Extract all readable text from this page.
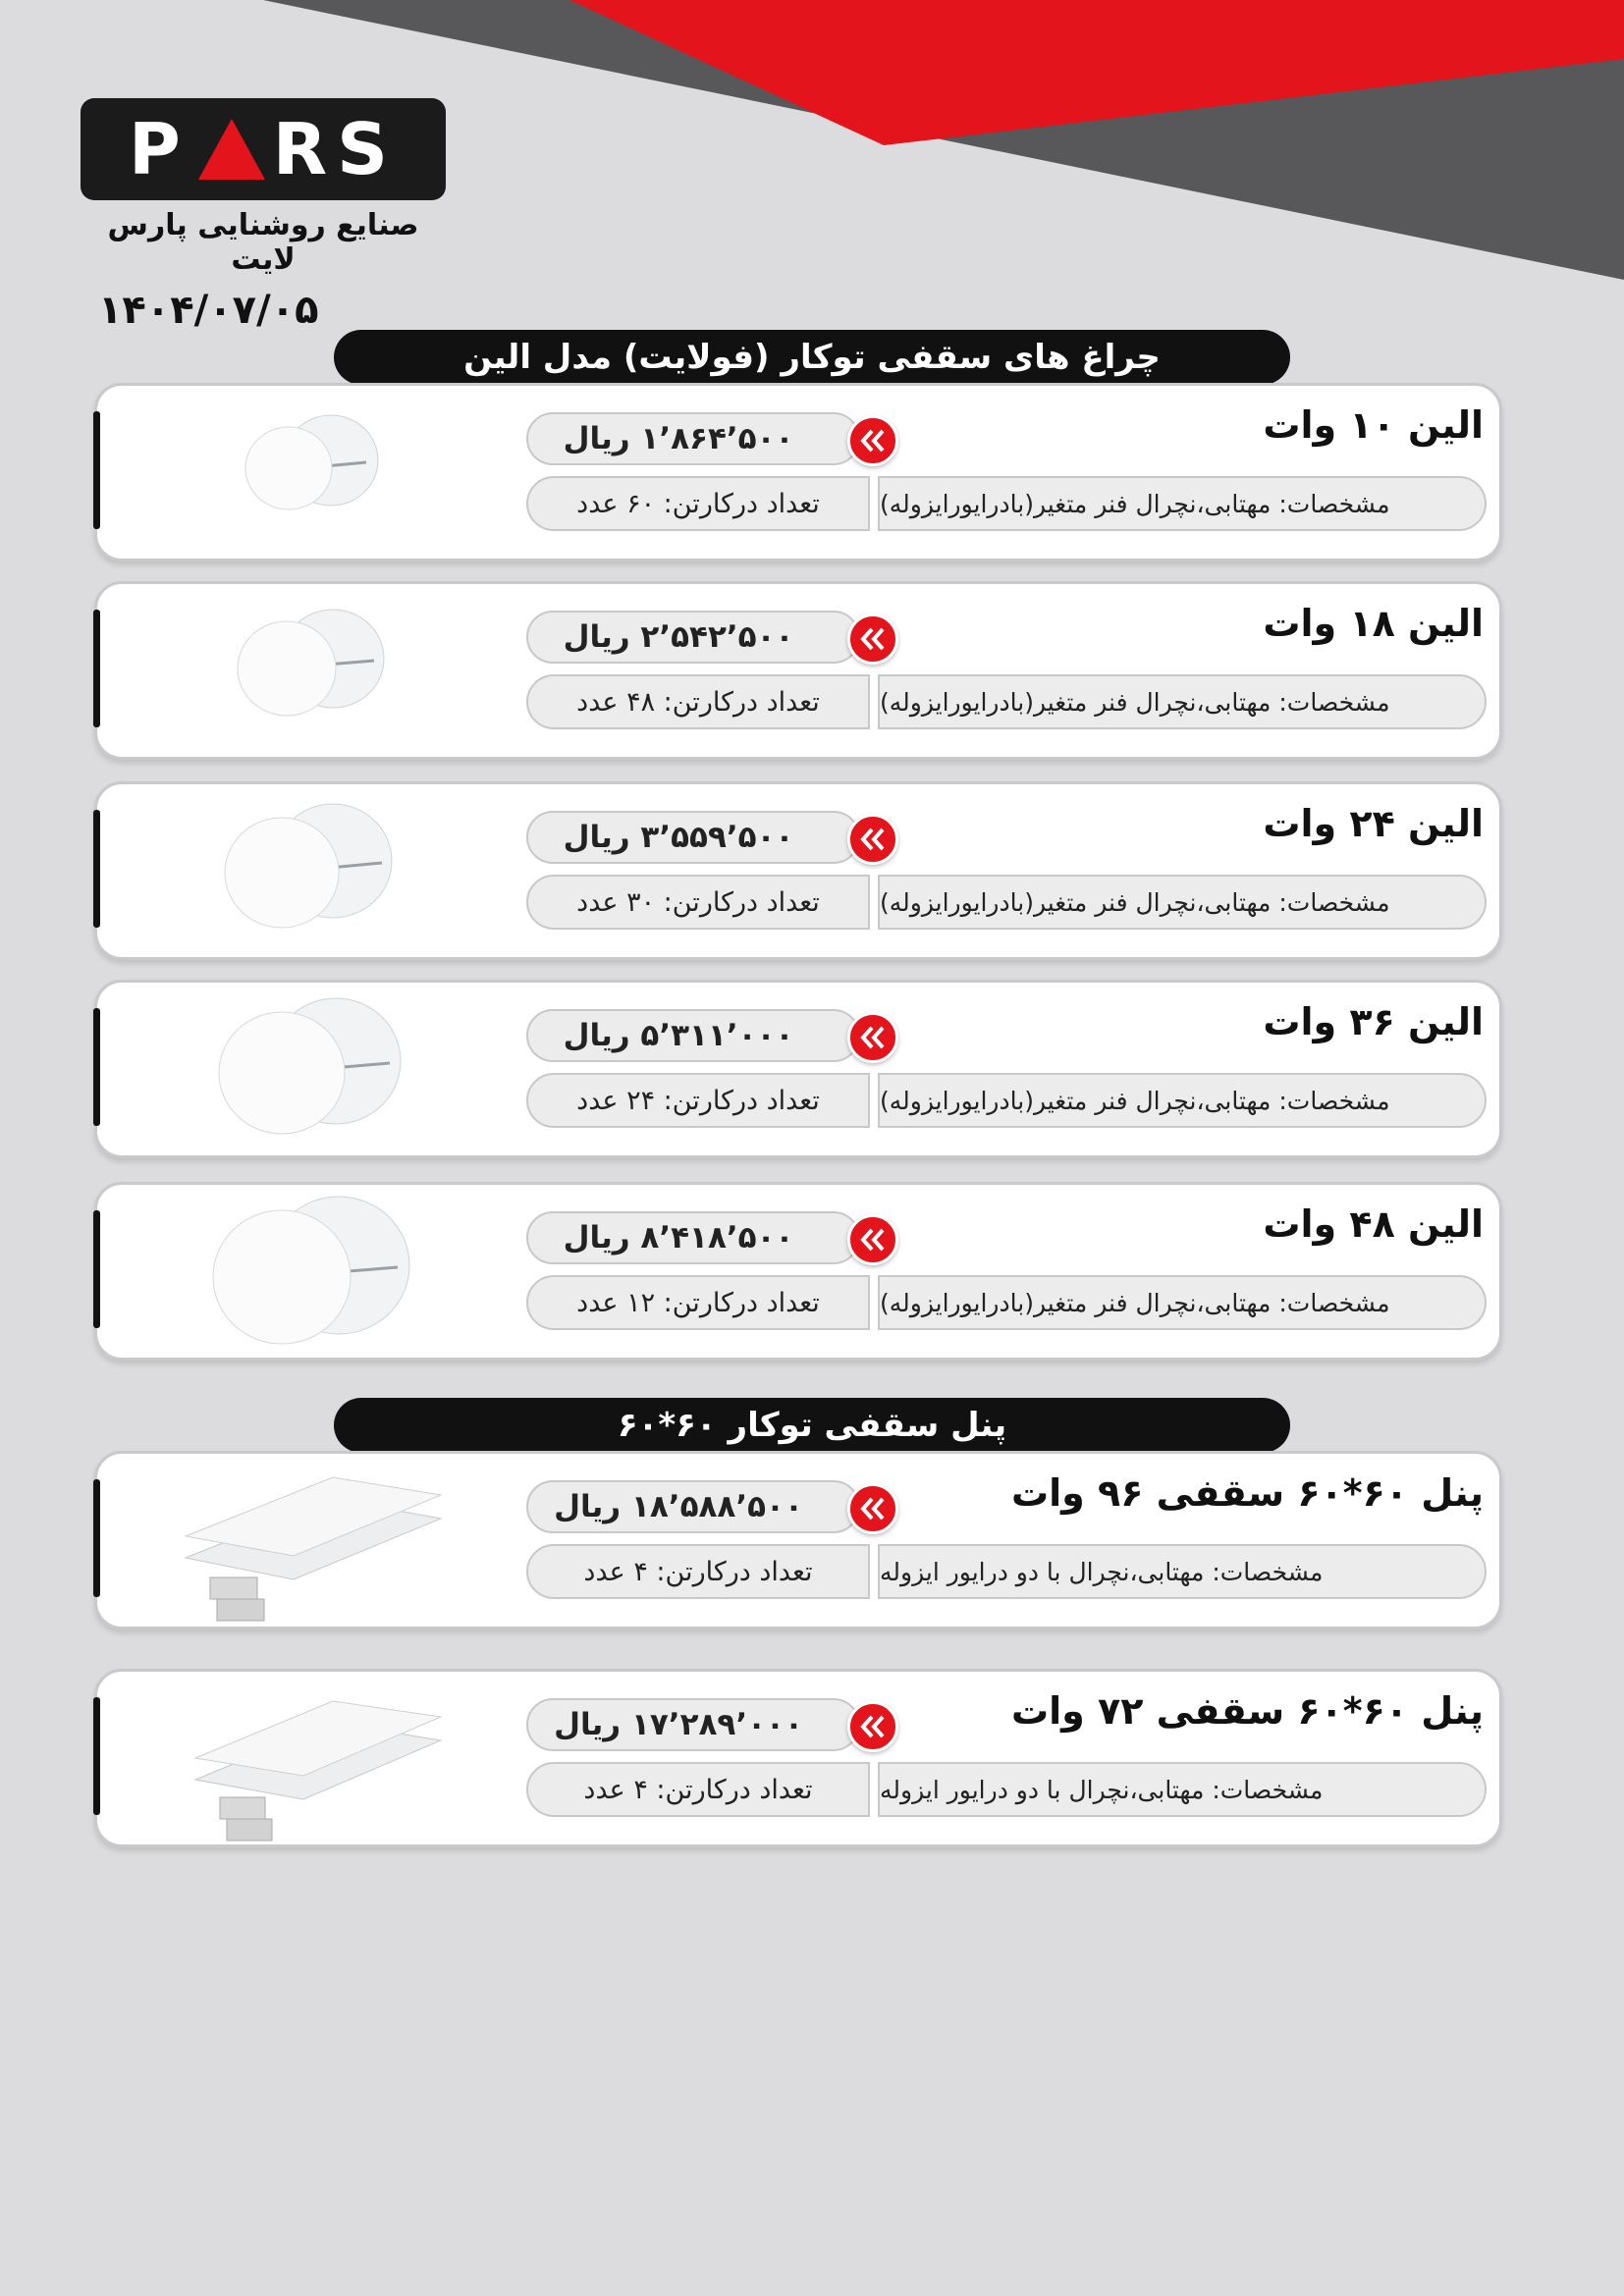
P RS
صنایع روشنایی پارس لایت
۱۴۰۴/۰۷/۰۵
چراغ های سقفی توکار (فولایت) مدل الین
۱٬۸۶۴٬۵۰۰ ریال	الین ۱۰ وات
تعداد درکارتن: ۶۰ عدد	مشخصات: مهتابی،نچرال فنر متغیر(بادرایورایزوله)
۲٬۵۴۲٬۵۰۰ ریال	الین ۱۸ وات
تعداد درکارتن: ۴۸ عدد	مشخصات: مهتابی،نچرال فنر متغیر(بادرایورایزوله)
۳٬۵۵۹٬۵۰۰ ریال	الین ۲۴ وات
تعداد درکارتن: ۳۰ عدد	مشخصات: مهتابی،نچرال فنر متغیر(بادرایورایزوله)
۵٬۳۱۱٬۰۰۰ ریال	الین ۳۶ وات
تعداد درکارتن: ۲۴ عدد	مشخصات: مهتابی،نچرال فنر متغیر(بادرایورایزوله)
۸٬۴۱۸٬۵۰۰ ریال	الین ۴۸ وات
تعداد درکارتن: ۱۲ عدد	مشخصات: مهتابی،نچرال فنر متغیر(بادرایورایزوله)
پنل سقفی توکار ۶۰*۶۰
۱۸٬۵۸۸٬۵۰۰ ریال	پنل ۶۰*۶۰ سقفی ۹۶ وات
تعداد درکارتن: ۴ عدد	مشخصات: مهتابی،نچرال با دو درایور ایزوله
۱۷٬۲۸۹٬۰۰۰ ریال	پنل ۶۰*۶۰ سقفی ۷۲ وات
تعداد درکارتن: ۴ عدد	مشخصات: مهتابی،نچرال با دو درایور ایزوله
